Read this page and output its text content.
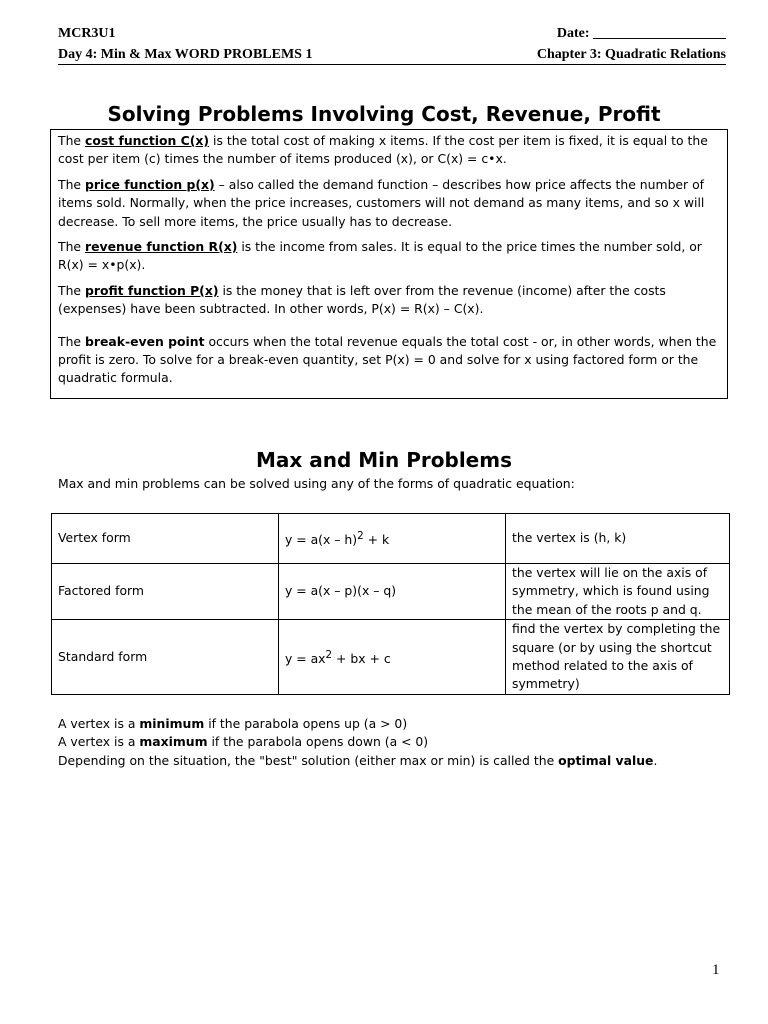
MCR3U1	Date: ___________________
Day 4: Min & Max WORD PROBLEMS 1	Chapter 3: Quadratic Relations
Solving Problems Involving Cost, Revenue, Profit

The cost function C(x) is the total cost of making x items. If the cost per item is fixed, it is equal to the cost per item (c) times the number of items produced (x), or C(x) = c•x.

The price function p(x) – also called the demand function – describes how price affects the number of items sold. Normally, when the price increases, customers will not demand as many items, and so x will decrease. To sell more items, the price usually has to decrease.

The revenue function R(x) is the income from sales. It is equal to the price times the number sold, or R(x) = x•p(x).

The profit function P(x) is the money that is left over from the revenue (income) after the costs (expenses) have been subtracted. In other words, P(x) = R(x) – C(x).

The break-even point occurs when the total revenue equals the total cost - or, in other words, when the profit is zero. To solve for a break-even quantity, set P(x) = 0 and solve for x using factored form or the quadratic formula.

Max and Min Problems
Max and min problems can be solved using any of the forms of quadratic equation:
Vertex form	y = a(x – h)$^2$ + k	the vertex is (h, k)
Factored form	y = a(x – p)(x – q)	the vertex will lie on the axis of symmetry, which is found using the mean of the roots p and q.
Standard form	$y = ax^2$ + bx + c	find the vertex by completing the square (or by using the shortcut method related to the axis of symmetry)
A vertex is a minimum if the parabola opens up (a > 0)
A vertex is a maximum if the parabola opens down (a < 0)
Depending on the situation, the "best" solution (either max or min) is called the optimal value.
1
